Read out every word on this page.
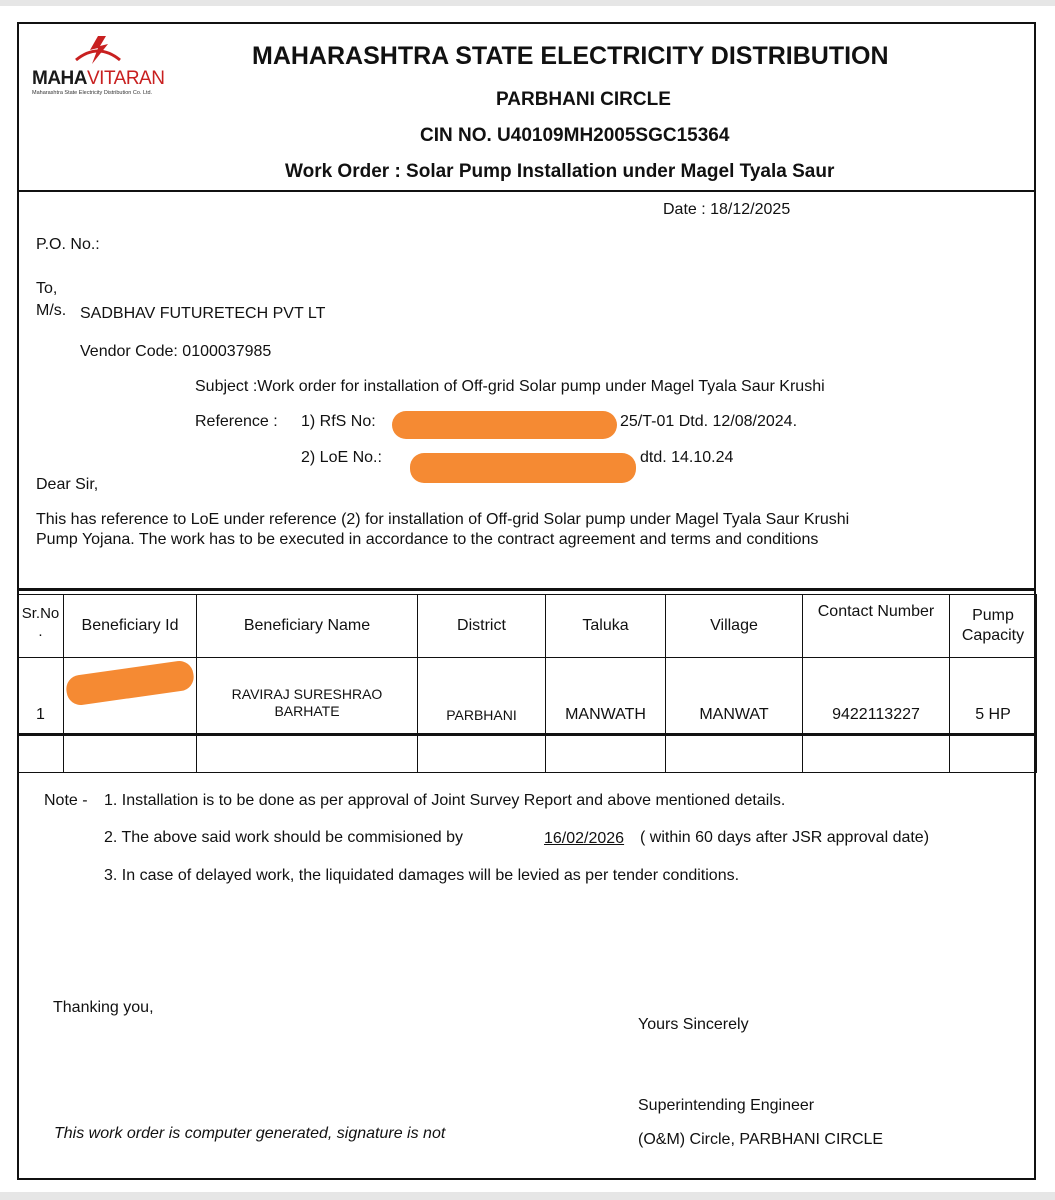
MAHAVITARAN
Maharashtra State Electricity Distribution Co. Ltd.
MAHARASHTRA STATE ELECTRICITY DISTRIBUTION
PARBHANI CIRCLE
CIN NO. U40109MH2005SGC15364
Work Order : Solar Pump Installation under Magel Tyala Saur
Date : 18/12/2025
P.O. No.:
To,
M/s. SADBHAV FUTURETECH PVT LT
Vendor Code: 0100037985
Subject :Work order for installation of Off-grid Solar pump under Magel Tyala Saur Krushi
Reference : 1) RfS No:	25/T-01 Dtd. 12/08/2024.
2) LoE No.:	dtd. 14.10.24
Dear Sir,
This has reference to LoE under reference (2) for installation of Off-grid Solar pump under Magel Tyala Saur Krushi
Pump Yojana. The work has to be executed in accordance to the contract agreement and terms and conditions
Sr.No
.	Beneficiary Id	Beneficiary Name	District	Taluka	Village	Contact Number	Pump
Capacity
1		RAVIRAJ SURESHRAO
BARHATE	PARBHANI	MANWATH	MANWAT	9422113227	5 HP
Note - 1. Installation is to be done as per approval of Joint Survey Report and above mentioned details.
2. The above said work should be commisioned by	16/02/2026 ( within 60 days after JSR approval date)
3. In case of delayed work, the liquidated damages will be levied as per tender conditions.
Thanking you,
Yours Sincerely
Superintending Engineer
This work order is computer generated, signature is not	(O&M) Circle, PARBHANI CIRCLE
